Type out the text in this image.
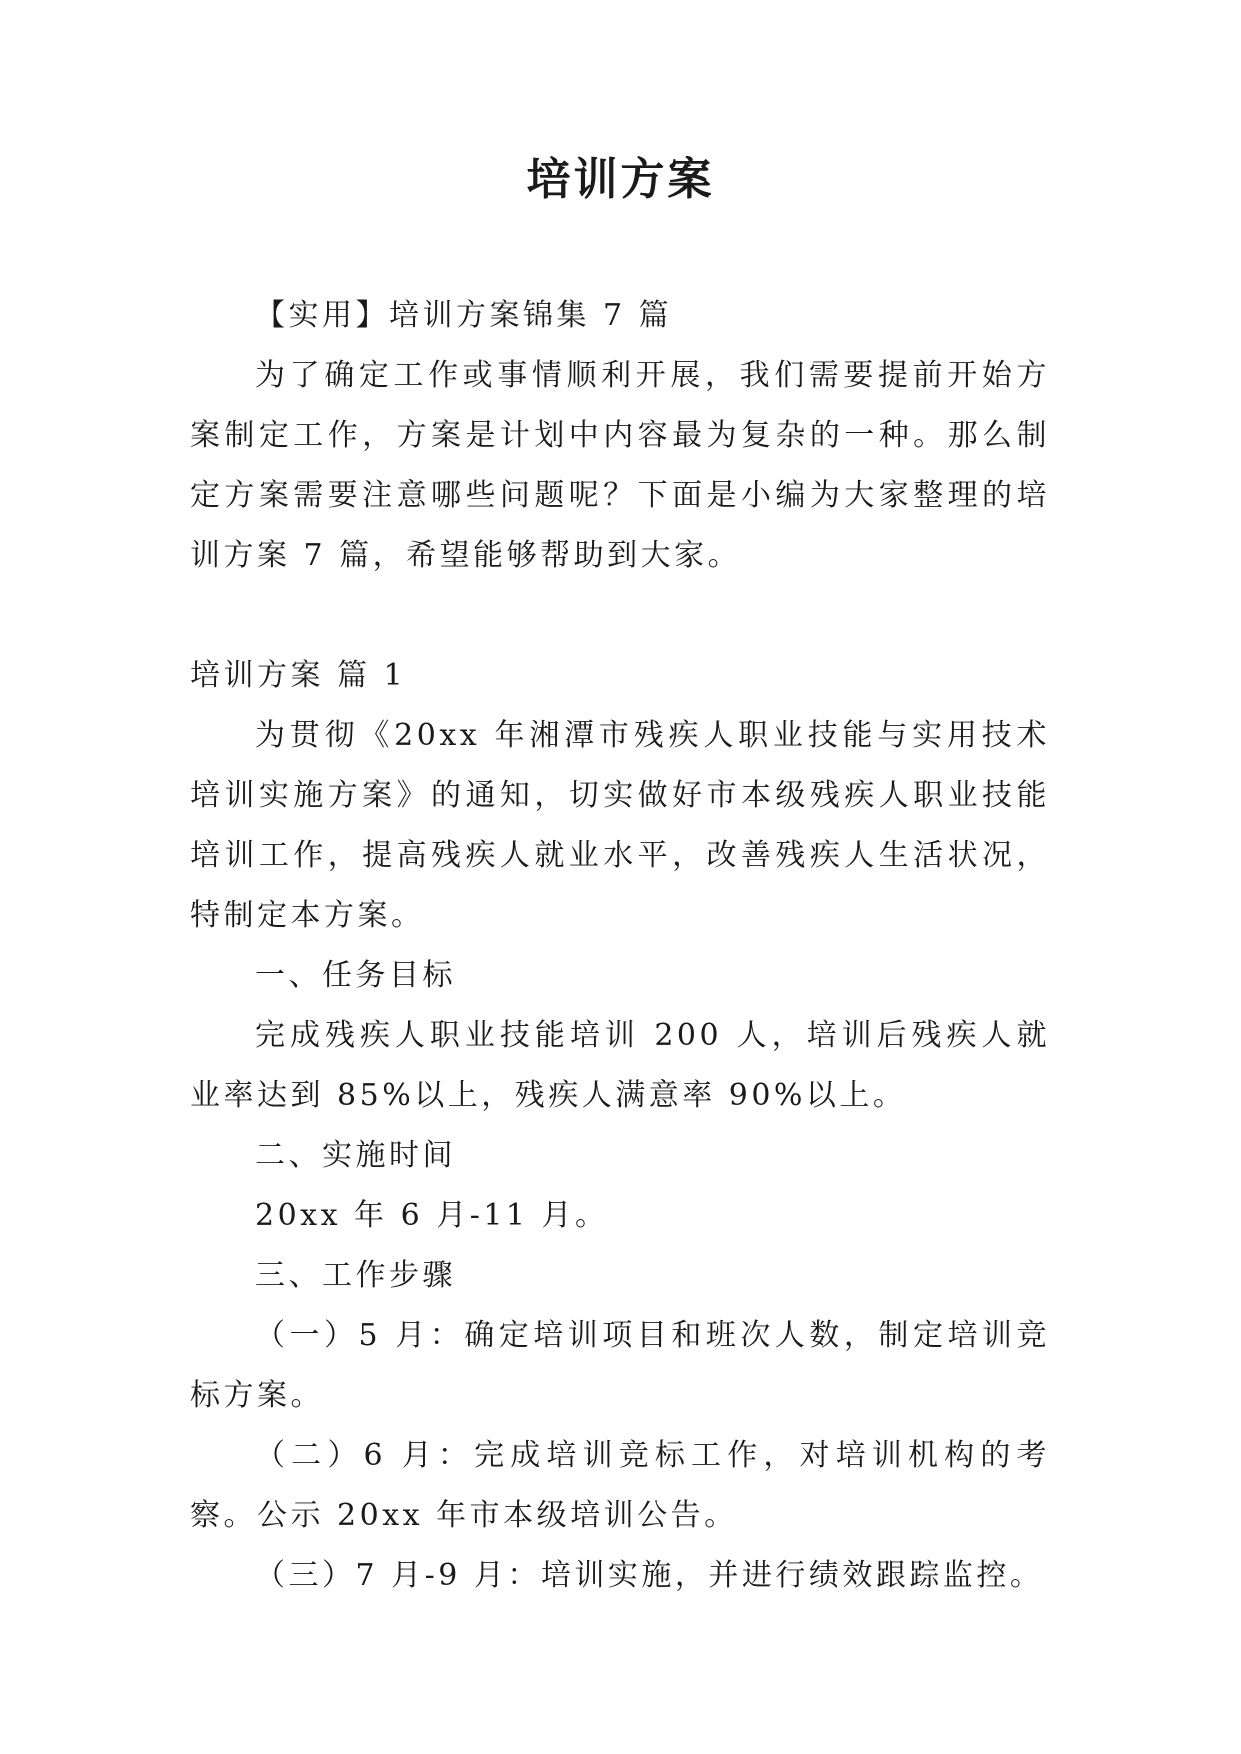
培训方案

【实用】培训方案锦集 7 篇

为了确定工作或事情顺利开展，我们需要提前开始方案制定工作，方案是计划中内容最为复杂的一种。那么制定方案需要注意哪些问题呢？下面是小编为大家整理的培训方案 7 篇，希望能够帮助到大家。

培训方案 篇 1

为贯彻《20xx 年湘潭市残疾人职业技能与实用技术培训实施方案》的通知，切实做好市本级残疾人职业技能培训工作，提高残疾人就业水平，改善残疾人生活状况，特制定本方案。

一、任务目标

完成残疾人职业技能培训 200 人，培训后残疾人就业率达到 85%以上，残疾人满意率 90%以上。

二、实施时间

20xx 年 6 月-11 月。

三、工作步骤

（一）5 月：确定培训项目和班次人数，制定培训竞标方案。

（二）6 月：完成培训竞标工作，对培训机构的考察。公示 20xx 年市本级培训公告。

（三）7 月-9 月：培训实施，并进行绩效跟踪监控。
